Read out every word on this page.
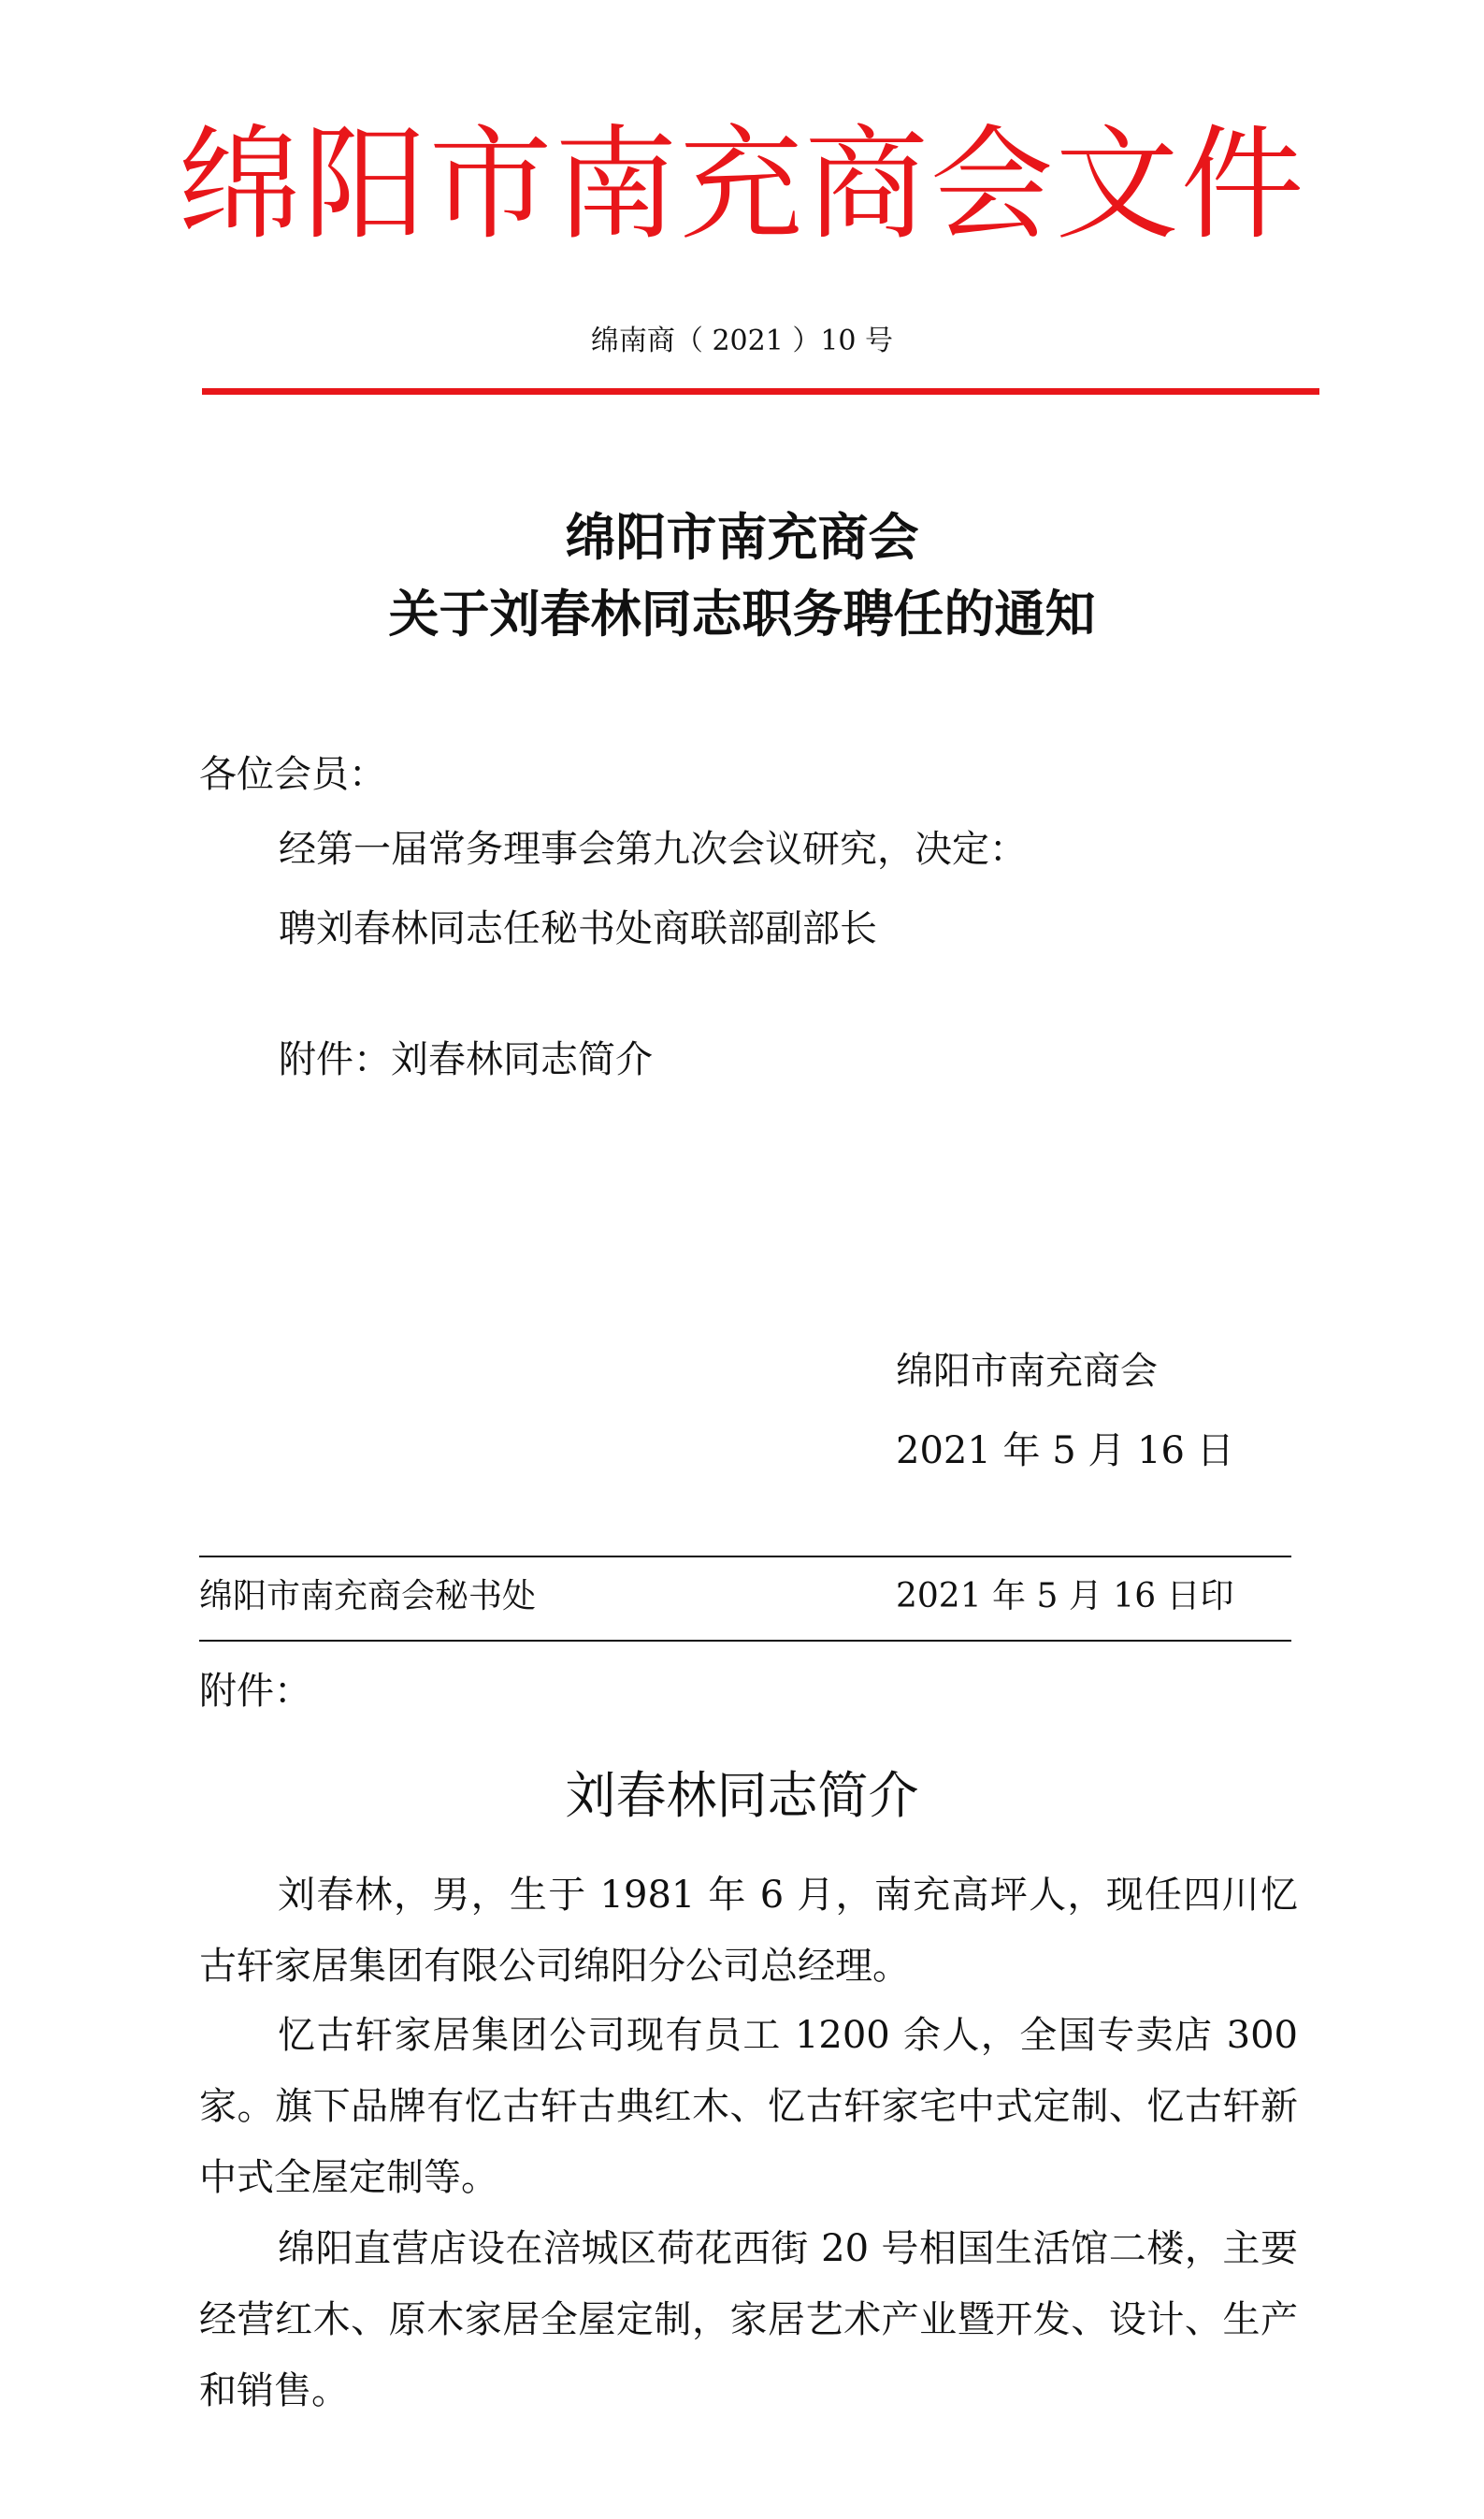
绵阳市南充商会文件
绵南商（ 2021 ）10 号
绵阳市南充商会
关于刘春林同志职务聘任的通知
各位会员：
经第一届常务理事会第九次会议研究，决定：
聘刘春林同志任秘书处商联部副部长
附件：刘春林同志简介
绵阳市南充商会
2021 年 5 月 16 日
绵阳市南充商会秘书处	2021 年 5 月 16 日印
附件：
刘春林同志简介

刘春林，男，生于 1981 年 6 月，南充高坪人，现任四川忆古轩家居集团有限公司绵阳分公司总经理。

忆古轩家居集团公司现有员工 1200 余人，全国专卖店 300 家。旗下品牌有忆古轩古典红木、忆古轩家宅中式定制、忆古轩新中式全屋定制等。

绵阳直营店设在涪城区荷花西街 20 号相国生活馆二楼，主要经营红木、原木家居全屋定制，家居艺术产业暨开发、设计、生产和销售。
